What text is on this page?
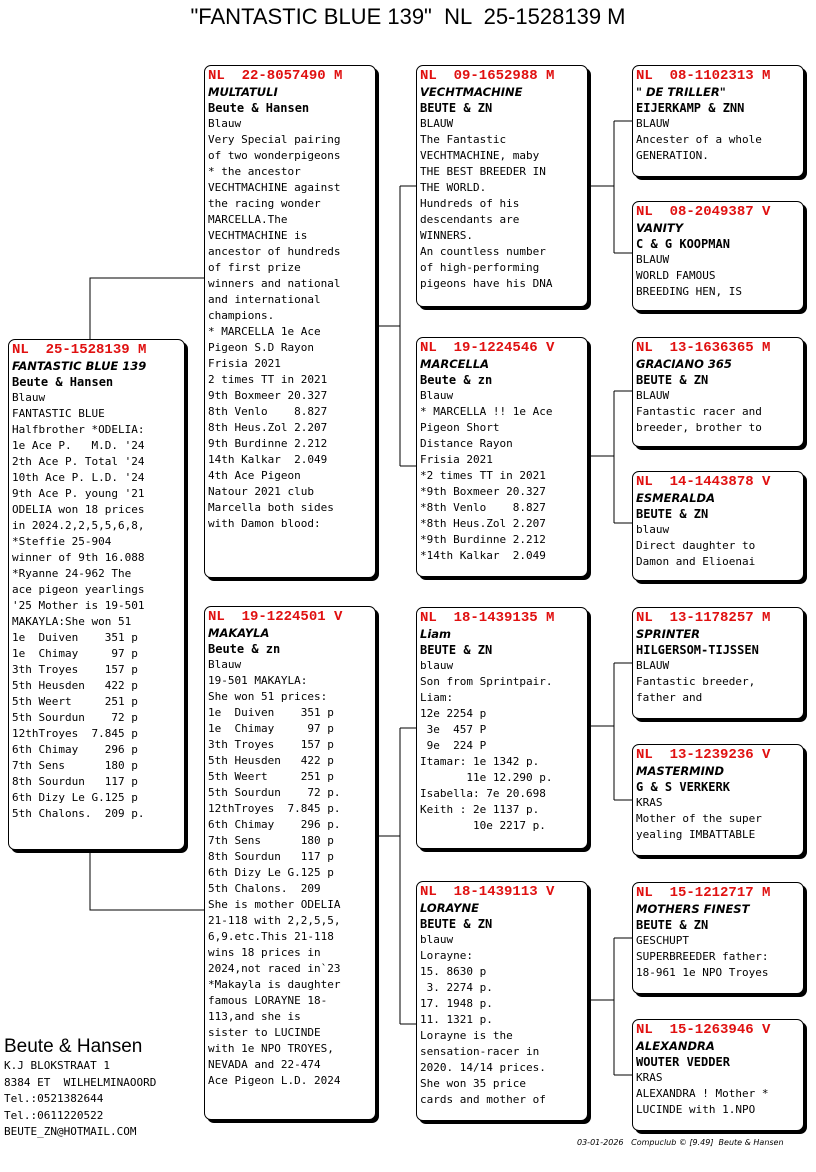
"FANTASTIC BLUE 139"  NL  25-1528139 M
NL  25-1528139 M
FANTASTIC BLUE 139
Beute & Hansen
Blauw
FANTASTIC BLUE
Halfbrother *ODELIA:
1e Ace P.   M.D. '24
2th Ace P. Total '24
10th Ace P. L.D. '24
9th Ace P. young '21
ODELIA won 18 prices
in 2024.2,2,5,5,6,8,
*Steffie 25-904
winner of 9th 16.088
*Ryanne 24-962 The
ace pigeon yearlings
'25 Mother is 19-501
MAKAYLA:She won 51
1e  Duiven    351 p
1e  Chimay     97 p
3th Troyes    157 p
5th Heusden   422 p
5th Weert     251 p
5th Sourdun    72 p
12thTroyes  7.845 p
6th Chimay    296 p
7th Sens      180 p
8th Sourdun   117 p
6th Dizy Le G.125 p
5th Chalons.  209 p.
NL  22-8057490 M
MULTATULI
Beute & Hansen
Blauw
Very Special pairing
of two wonderpigeons
* the ancestor
VECHTMACHINE against
the racing wonder
MARCELLA.The
VECHTMACHINE is
ancestor of hundreds
of first prize
winners and national
and international
champions.
* MARCELLA 1e Ace
Pigeon S.D Rayon
Frisia 2021
2 times TT in 2021
9th Boxmeer 20.327
8th Venlo    8.827
8th Heus.Zol 2.207
9th Burdinne 2.212
14th Kalkar  2.049
4th Ace Pigeon
Natour 2021 club
Marcella both sides
with Damon blood:
NL  19-1224501 V
MAKAYLA
Beute & zn
Blauw
19-501 MAKAYLA:
She won 51 prices:
1e  Duiven    351 p
1e  Chimay     97 p
3th Troyes    157 p
5th Heusden   422 p
5th Weert     251 p
5th Sourdun    72 p.
12thTroyes  7.845 p.
6th Chimay    296 p.
7th Sens      180 p
8th Sourdun   117 p
6th Dizy Le G.125 p
5th Chalons.  209
She is mother ODELIA
21-118 with 2,2,5,5,
6,9.etc.This 21-118
wins 18 prices in
2024,not raced in`23
*Makayla is daughter
famous LORAYNE 18-
113,and she is
sister to LUCINDE
with 1e NPO TROYES,
NEVADA and 22-474
Ace Pigeon L.D. 2024
NL  09-1652988 M
VECHTMACHINE
BEUTE & ZN
BLAUW
The Fantastic
VECHTMACHINE, maby
THE BEST BREEDER IN
THE WORLD.
Hundreds of his
descendants are
WINNERS.
An countless number
of high-performing
pigeons have his DNA
NL  19-1224546 V
MARCELLA
Beute & zn
Blauw
* MARCELLA !! 1e Ace
Pigeon Short
Distance Rayon
Frisia 2021
*2 times TT in 2021
*9th Boxmeer 20.327
*8th Venlo    8.827
*8th Heus.Zol 2.207
*9th Burdinne 2.212
*14th Kalkar  2.049
NL  18-1439135 M
Liam
BEUTE & ZN
blauw
Son from Sprintpair.
Liam:
12e 2254 p
3e  457 P
9e  224 P
Itamar: 1e 1342 p.
11e 12.290 p.
Isabella: 7e 20.698
Keith : 2e 1137 p.
10e 2217 p.
NL  18-1439113 V
LORAYNE
BEUTE & ZN
blauw
Lorayne:
15. 8630 p
3. 2274 p.
17. 1948 p.
11. 1321 p.
Lorayne is the
sensation-racer in
2020. 14/14 prices.
She won 35 price
cards and mother of
NL  08-1102313 M
" DE TRILLER"
EIJERKAMP & ZNN
BLAUW
Ancester of a whole
GENERATION.
NL  08-2049387 V
VANITY
C & G KOOPMAN
BLAUW
WORLD FAMOUS
BREEDING HEN, IS
NL  13-1636365 M
GRACIANO 365
BEUTE & ZN
BLAUW
Fantastic racer and
breeder, brother to
NL  14-1443878 V
ESMERALDA
BEUTE & ZN
blauw
Direct daughter to
Damon and Elioenai
NL  13-1178257 M
SPRINTER
HILGERSOM-TIJSSEN
BLAUW
Fantastic breeder,
father and
NL  13-1239236 V
MASTERMIND
G & S VERKERK
KRAS
Mother of the super
yealing IMBATTABLE
NL  15-1212717 M
MOTHERS FINEST
BEUTE & ZN
GESCHUPT
SUPERBREEDER father:
18-961 1e NPO Troyes
NL  15-1263946 V
ALEXANDRA
WOUTER VEDDER
KRAS
ALEXANDRA ! Mother *
LUCINDE with 1.NPO
Beute & Hansen
K.J BLOKSTRAAT 1
8384 ET  WILHELMINAOORD
Tel.:0521382644
Tel.:0611220522
BEUTE_ZN@HOTMAIL.COM
03-01-2026   Compuclub © [9.49]  Beute & Hansen
